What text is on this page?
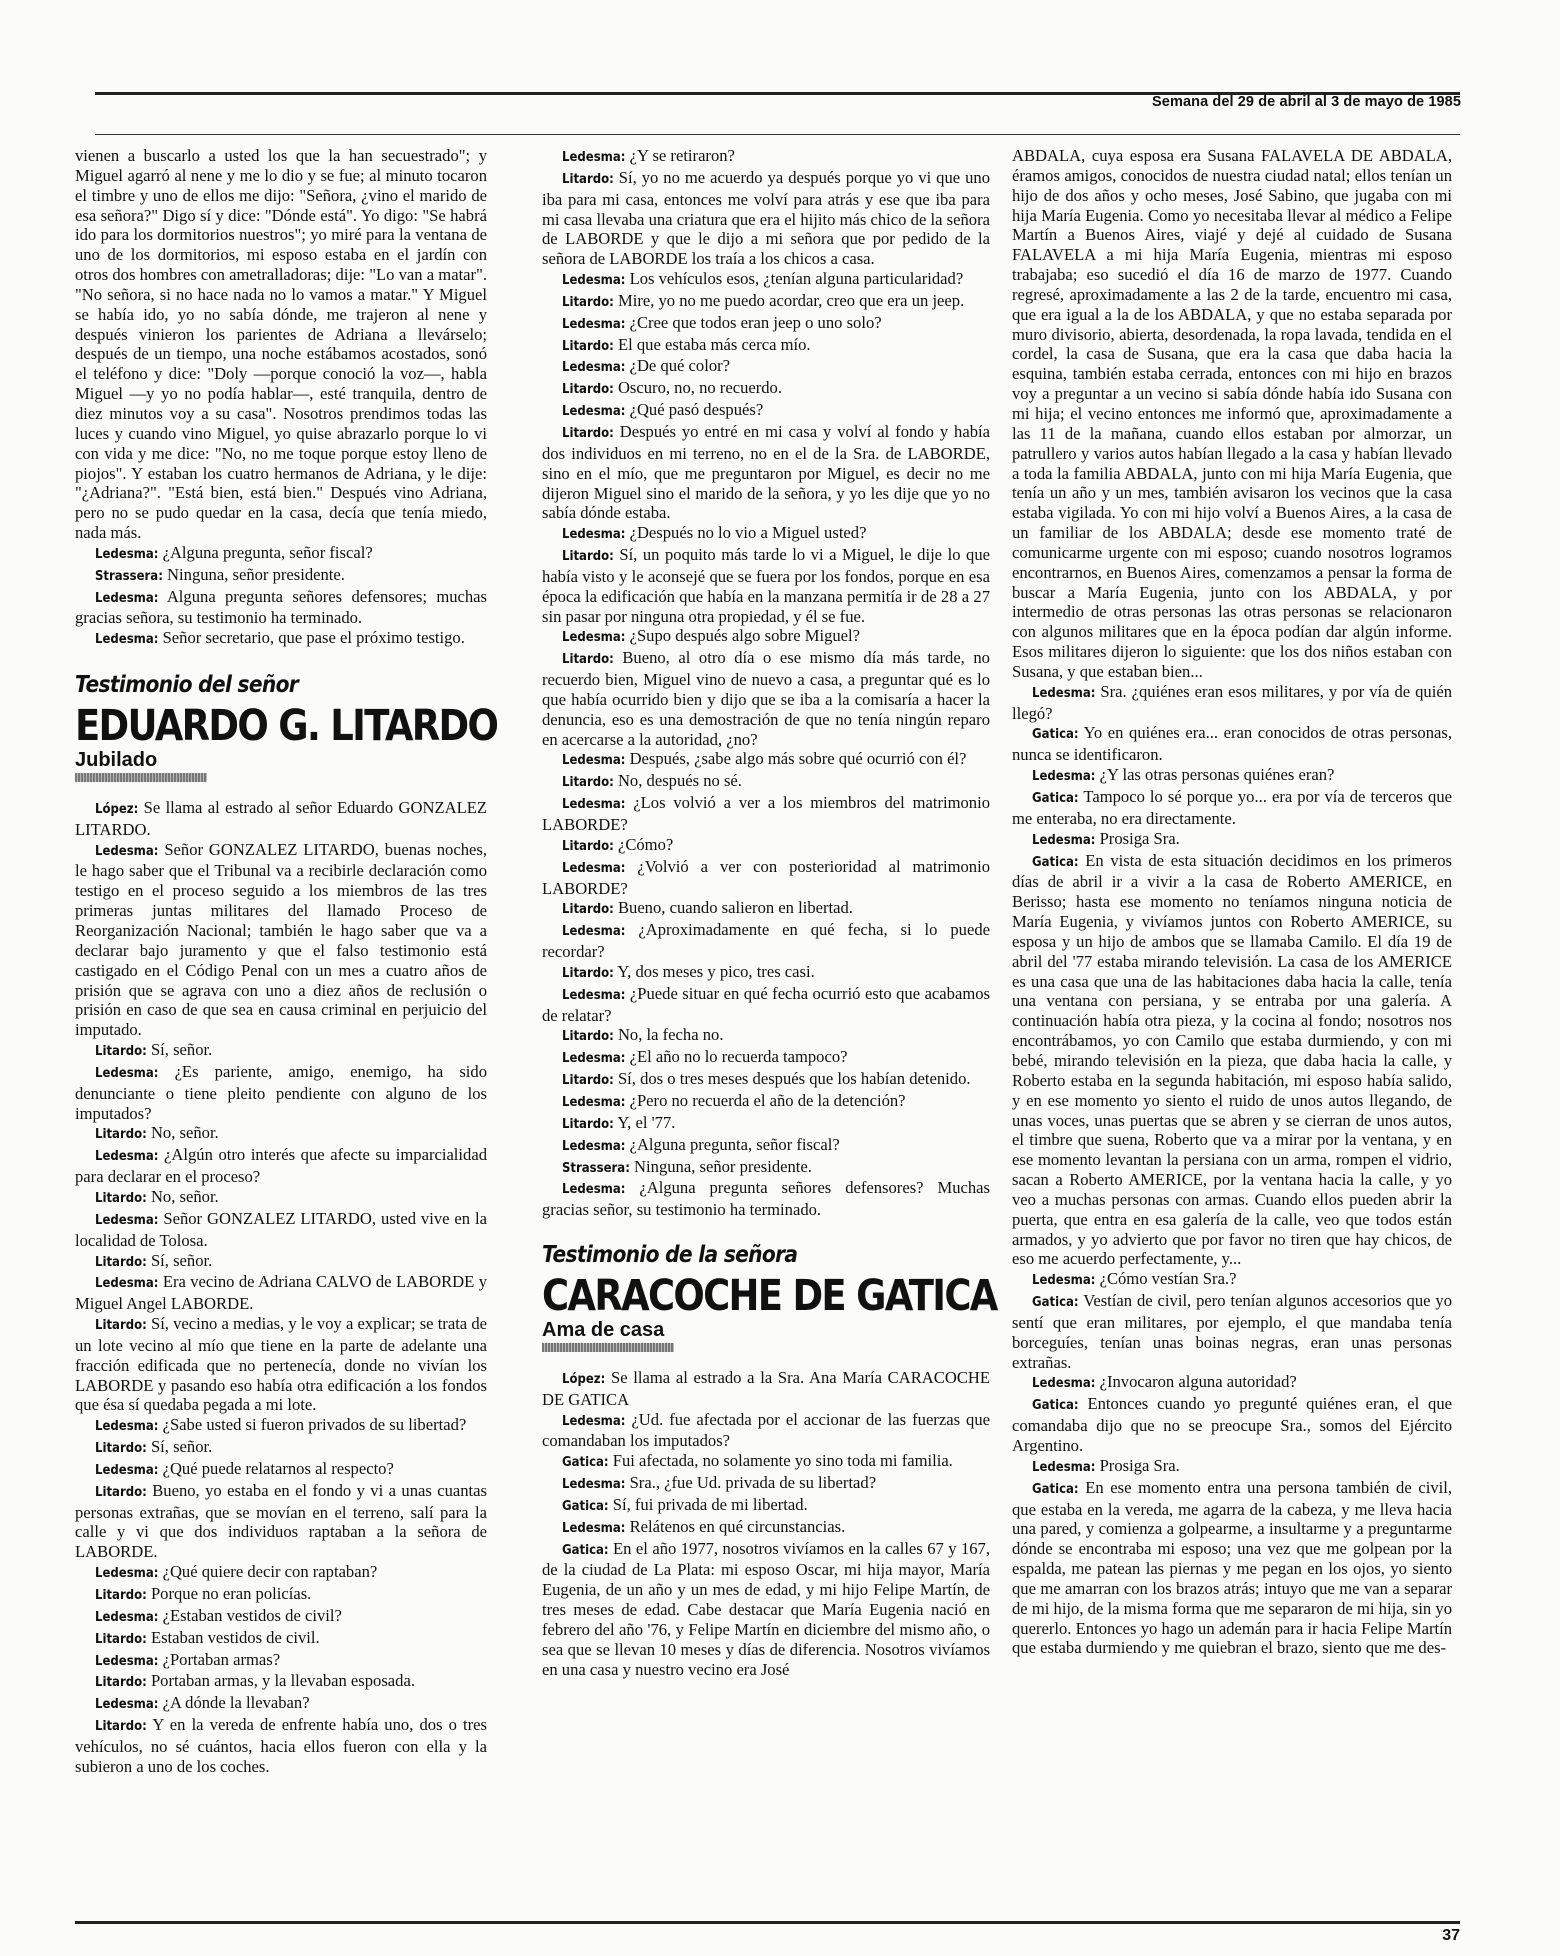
Semana del 29 de abril al 3 de mayo de 1985

vienen a buscarlo a usted los que la han secuestrado"; y Miguel agarró al nene y me lo dio y se fue; al minuto tocaron el timbre y uno de ellos me dijo: "Señora, ¿vino el marido de esa señora?" Digo sí y dice: "Dónde está". Yo digo: "Se habrá ido para los dormitorios nuestros"; yo miré para la ventana de uno de los dormitorios, mi esposo estaba en el jardín con otros dos hombres con ametralladoras; dije: "Lo van a matar". "No señora, si no hace nada no lo vamos a matar." Y Miguel se había ido, yo no sabía dónde, me trajeron al nene y después vinieron los parientes de Adriana a llevárselo; después de un tiempo, una noche estábamos acostados, sonó el teléfono y dice: "Doly —porque conoció la voz—, habla Miguel —y yo no podía hablar—, esté tranquila, dentro de diez minutos voy a su casa". Nosotros prendimos todas las luces y cuando vino Miguel, yo quise abrazarlo porque lo vi con vida y me dice: "No, no me toque porque estoy lleno de piojos". Y estaban los cuatro hermanos de Adriana, y le dije: "¿Adriana?". "Está bien, está bien." Después vino Adriana, pero no se pudo quedar en la casa, decía que tenía miedo, nada más.

Ledesma: ¿Alguna pregunta, señor fiscal?

Strassera: Ninguna, señor presidente.

Ledesma: Alguna pregunta señores defensores; muchas gracias señora, su testimonio ha terminado.

Ledesma: Señor secretario, que pase el próximo testigo.

Testimonio del señor
EDUARDO G. LITARDO
Jubilado

López: Se llama al estrado al señor Eduardo GONZALEZ LITARDO.

Ledesma: Señor GONZALEZ LITARDO, buenas noches, le hago saber que el Tribunal va a recibirle declaración como testigo en el proceso seguido a los miembros de las tres primeras juntas militares del llamado Proceso de Reorganización Nacional; también le hago saber que va a declarar bajo juramento y que el falso testimonio está castigado en el Código Penal con un mes a cuatro años de prisión que se agrava con uno a diez años de reclusión o prisión en caso de que sea en causa criminal en perjuicio del imputado.

Litardo: Sí, señor.

Ledesma: ¿Es pariente, amigo, enemigo, ha sido denunciante o tiene pleito pendiente con alguno de los imputados?

Litardo: No, señor.

Ledesma: ¿Algún otro interés que afecte su imparcialidad para declarar en el proceso?

Litardo: No, señor.

Ledesma: Señor GONZALEZ LITARDO, usted vive en la localidad de Tolosa.

Litardo: Sí, señor.

Ledesma: Era vecino de Adriana CALVO de LABORDE y Miguel Angel LABORDE.

Litardo: Sí, vecino a medias, y le voy a explicar; se trata de un lote vecino al mío que tiene en la parte de adelante una fracción edificada que no pertenecía, donde no vivían los LABORDE y pasando eso había otra edificación a los fondos que ésa sí quedaba pegada a mi lote.

Ledesma: ¿Sabe usted si fueron privados de su libertad?

Litardo: Sí, señor.

Ledesma: ¿Qué puede relatarnos al respecto?

Litardo: Bueno, yo estaba en el fondo y vi a unas cuantas personas extrañas, que se movían en el terreno, salí para la calle y vi que dos individuos raptaban a la señora de LABORDE.

Ledesma: ¿Qué quiere decir con raptaban?

Litardo: Porque no eran policías.

Ledesma: ¿Estaban vestidos de civil?

Litardo: Estaban vestidos de civil.

Ledesma: ¿Portaban armas?

Litardo: Portaban armas, y la llevaban esposada.

Ledesma: ¿A dónde la llevaban?

Litardo: Y en la vereda de enfrente había uno, dos o tres vehículos, no sé cuántos, hacia ellos fueron con ella y la subieron a uno de los coches.

Ledesma: ¿Y se retiraron?

Litardo: Sí, yo no me acuerdo ya después porque yo vi que uno iba para mi casa, entonces me volví para atrás y ese que iba para mi casa llevaba una criatura que era el hijito más chico de la señora de LABORDE y que le dijo a mi señora que por pedido de la señora de LABORDE los traía a los chicos a casa.

Ledesma: Los vehículos esos, ¿tenían alguna particularidad?

Litardo: Mire, yo no me puedo acordar, creo que era un jeep.

Ledesma: ¿Cree que todos eran jeep o uno solo?

Litardo: El que estaba más cerca mío.

Ledesma: ¿De qué color?

Litardo: Oscuro, no, no recuerdo.

Ledesma: ¿Qué pasó después?

Litardo: Después yo entré en mi casa y volví al fondo y había dos individuos en mi terreno, no en el de la Sra. de LABORDE, sino en el mío, que me preguntaron por Miguel, es decir no me dijeron Miguel sino el marido de la señora, y yo les dije que yo no sabía dónde estaba.

Ledesma: ¿Después no lo vio a Miguel usted?

Litardo: Sí, un poquito más tarde lo vi a Miguel, le dije lo que había visto y le aconsejé que se fuera por los fondos, porque en esa época la edificación que había en la manzana permitía ir de 28 a 27 sin pasar por ninguna otra propiedad, y él se fue.

Ledesma: ¿Supo después algo sobre Miguel?

Litardo: Bueno, al otro día o ese mismo día más tarde, no recuerdo bien, Miguel vino de nuevo a casa, a preguntar qué es lo que había ocurrido bien y dijo que se iba a la comisaría a hacer la denuncia, eso es una demostración de que no tenía ningún reparo en acercarse a la autoridad, ¿no?

Ledesma: Después, ¿sabe algo más sobre qué ocurrió con él?

Litardo: No, después no sé.

Ledesma: ¿Los volvió a ver a los miembros del matrimonio LABORDE?

Litardo: ¿Cómo?

Ledesma: ¿Volvió a ver con posterioridad al matrimonio LABORDE?

Litardo: Bueno, cuando salieron en libertad.

Ledesma: ¿Aproximadamente en qué fecha, si lo puede recordar?

Litardo: Y, dos meses y pico, tres casi.

Ledesma: ¿Puede situar en qué fecha ocurrió esto que acabamos de relatar?

Litardo: No, la fecha no.

Ledesma: ¿El año no lo recuerda tampoco?

Litardo: Sí, dos o tres meses después que los habían detenido.

Ledesma: ¿Pero no recuerda el año de la detención?

Litardo: Y, el '77.

Ledesma: ¿Alguna pregunta, señor fiscal?

Strassera: Ninguna, señor presidente.

Ledesma: ¿Alguna pregunta señores defensores? Muchas gracias señor, su testimonio ha terminado.

Testimonio de la señora
CARACOCHE DE GATICA
Ama de casa

López: Se llama al estrado a la Sra. Ana María CARACOCHE DE GATICA

Ledesma: ¿Ud. fue afectada por el accionar de las fuerzas que comandaban los imputados?

Gatica: Fui afectada, no solamente yo sino toda mi familia.

Ledesma: Sra., ¿fue Ud. privada de su libertad?

Gatica: Sí, fui privada de mi libertad.

Ledesma: Relátenos en qué circunstancias.

Gatica: En el año 1977, nosotros vivíamos en la calles 67 y 167, de la ciudad de La Plata: mi esposo Oscar, mi hija mayor, María Eugenia, de un año y un mes de edad, y mi hijo Felipe Martín, de tres meses de edad. Cabe destacar que María Eugenia nació en febrero del año '76, y Felipe Martín en diciembre del mismo año, o sea que se llevan 10 meses y días de diferencia. Nosotros vivíamos en una casa y nuestro vecino era José

ABDALA, cuya esposa era Susana FALAVELA DE ABDALA, éramos amigos, conocidos de nuestra ciudad natal; ellos tenían un hijo de dos años y ocho meses, José Sabino, que jugaba con mi hija María Eugenia. Como yo necesitaba llevar al médico a Felipe Martín a Buenos Aires, viajé y dejé al cuidado de Susana FALAVELA a mi hija María Eugenia, mientras mi esposo trabajaba; eso sucedió el día 16 de marzo de 1977. Cuando regresé, aproximadamente a las 2 de la tarde, encuentro mi casa, que era igual a la de los ABDALA, y que no estaba separada por muro divisorio, abierta, desordenada, la ropa lavada, tendida en el cordel, la casa de Susana, que era la casa que daba hacia la esquina, también estaba cerrada, entonces con mi hijo en brazos voy a preguntar a un vecino si sabía dónde había ido Susana con mi hija; el vecino entonces me informó que, aproximadamente a las 11 de la mañana, cuando ellos estaban por almorzar, un patrullero y varios autos habían llegado a la casa y habían llevado a toda la familia ABDALA, junto con mi hija María Eugenia, que tenía un año y un mes, también avisaron los vecinos que la casa estaba vigilada. Yo con mi hijo volví a Buenos Aires, a la casa de un familiar de los ABDALA; desde ese momento traté de comunicarme urgente con mi esposo; cuando nosotros logramos encontrarnos, en Buenos Aires, comenzamos a pensar la forma de buscar a María Eugenia, junto con los ABDALA, y por intermedio de otras personas las otras personas se relacionaron con algunos militares que en la época podían dar algún informe. Esos militares dijeron lo siguiente: que los dos niños estaban con Susana, y que estaban bien...

Ledesma: Sra. ¿quiénes eran esos militares, y por vía de quién llegó?

Gatica: Yo en quiénes era... eran conocidos de otras personas, nunca se identificaron.

Ledesma: ¿Y las otras personas quiénes eran?

Gatica: Tampoco lo sé porque yo... era por vía de terceros que me enteraba, no era directamente.

Ledesma: Prosiga Sra.

Gatica: En vista de esta situación decidimos en los primeros días de abril ir a vivir a la casa de Roberto AMERICE, en Berisso; hasta ese momento no teníamos ninguna noticia de María Eugenia, y vivíamos juntos con Roberto AMERICE, su esposa y un hijo de ambos que se llamaba Camilo. El día 19 de abril del '77 estaba mirando televisión. La casa de los AMERICE es una casa que una de las habitaciones daba hacia la calle, tenía una ventana con persiana, y se entraba por una galería. A continuación había otra pieza, y la cocina al fondo; nosotros nos encontrábamos, yo con Camilo que estaba durmiendo, y con mi bebé, mirando televisión en la pieza, que daba hacia la calle, y Roberto estaba en la segunda habitación, mi esposo había salido, y en ese momento yo siento el ruido de unos autos llegando, de unas voces, unas puertas que se abren y se cierran de unos autos, el timbre que suena, Roberto que va a mirar por la ventana, y en ese momento levantan la persiana con un arma, rompen el vidrio, sacan a Roberto AMERICE, por la ventana hacia la calle, y yo veo a muchas personas con armas. Cuando ellos pueden abrir la puerta, que entra en esa galería de la calle, veo que todos están armados, y yo advierto que por favor no tiren que hay chicos, de eso me acuerdo perfectamente, y...

Ledesma: ¿Cómo vestían Sra.?

Gatica: Vestían de civil, pero tenían algunos accesorios que yo sentí que eran militares, por ejemplo, el que mandaba tenía borceguíes, tenían unas boinas negras, eran unas personas extrañas.

Ledesma: ¿Invocaron alguna autoridad?

Gatica: Entonces cuando yo pregunté quiénes eran, el que comandaba dijo que no se preocupe Sra., somos del Ejército Argentino.

Ledesma: Prosiga Sra.

Gatica: En ese momento entra una persona también de civil, que estaba en la vereda, me agarra de la cabeza, y me lleva hacia una pared, y comienza a golpearme, a insultarme y a preguntarme dónde se encontraba mi esposo; una vez que me golpean por la espalda, me patean las piernas y me pegan en los ojos, yo siento que me amarran con los brazos atrás; intuyo que me van a separar de mi hijo, de la misma forma que me separaron de mi hija, sin yo quererlo. Entonces yo hago un ademán para ir hacia Felipe Martín que estaba durmiendo y me quiebran el brazo, siento que me des-

37
